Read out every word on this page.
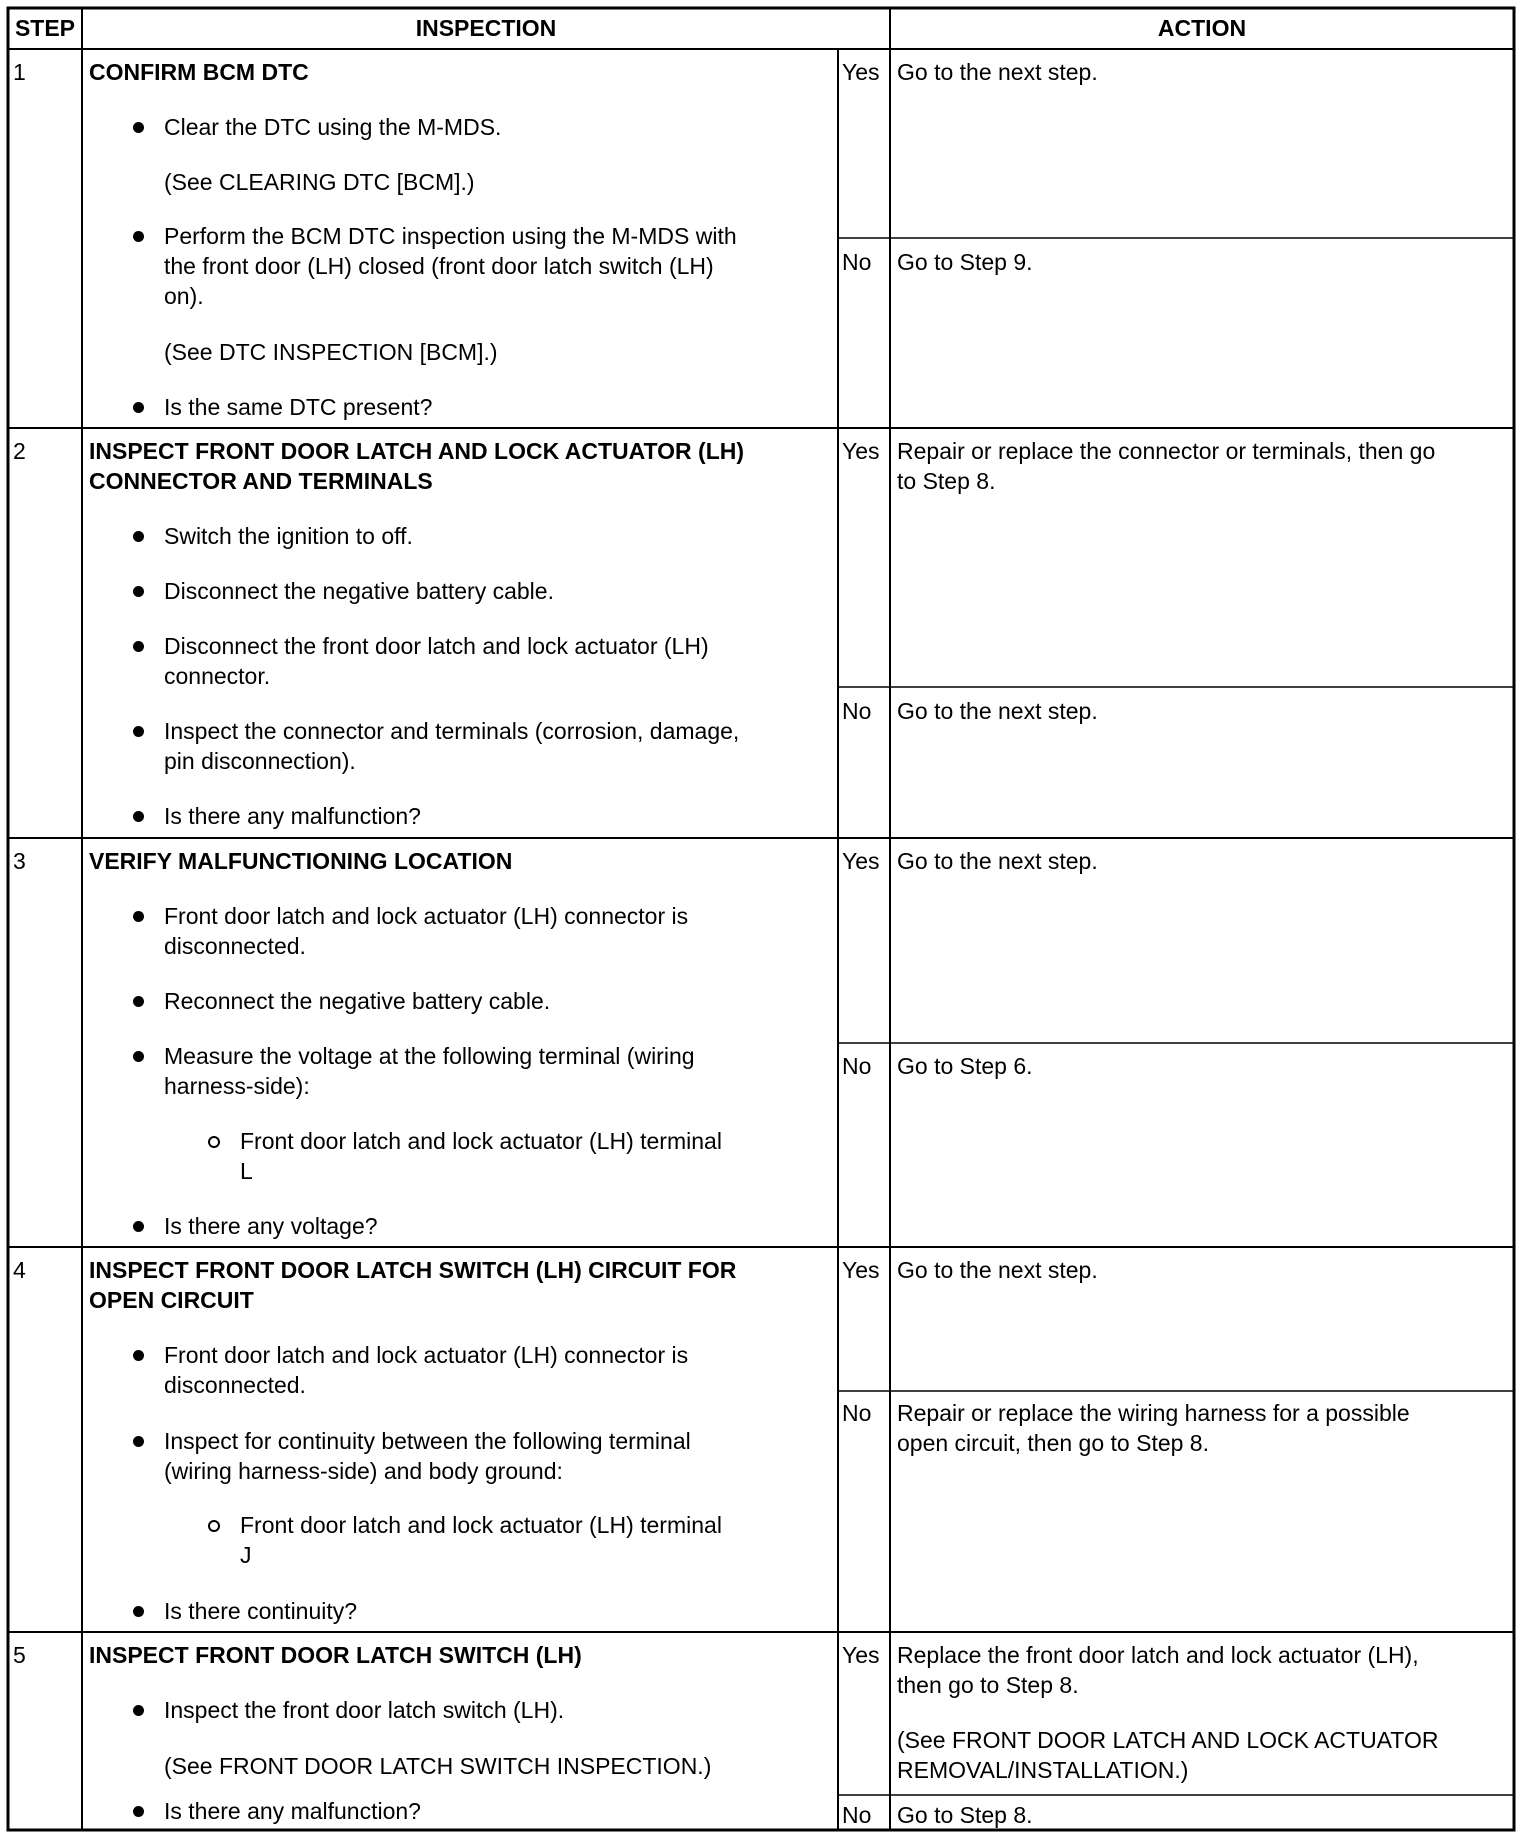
STEP	INSPECTION	ACTION
1	CONFIRM BCM DTC
Clear the DTC using the M-MDS.
(See CLEARING DTC [BCM].)
Perform the BCM DTC inspection using the M-MDS with
the front door (LH) closed (front door latch switch (LH)
on).
(See DTC INSPECTION [BCM].)
Is the same DTC present?
Yes Go to the next step.
No Go to Step 9.
2	INSPECT FRONT DOOR LATCH AND LOCK ACTUATOR (LH)
CONNECTOR AND TERMINALS
Switch the ignition to off.
Disconnect the negative battery cable.
Disconnect the front door latch and lock actuator (LH)
connector.
Inspect the connector and terminals (corrosion, damage,
pin disconnection).
Is there any malfunction?
Yes Repair or replace the connector or terminals, then go
to Step 8.
No Go to the next step.
3	VERIFY MALFUNCTIONING LOCATION
Front door latch and lock actuator (LH) connector is
disconnected.
Reconnect the negative battery cable.
Measure the voltage at the following terminal (wiring
harness-side):
Front door latch and lock actuator (LH) terminal
L
Is there any voltage?
Yes Go to the next step.
No Go to Step 6.
4	INSPECT FRONT DOOR LATCH SWITCH (LH) CIRCUIT FOR
OPEN CIRCUIT
Front door latch and lock actuator (LH) connector is
disconnected.
Inspect for continuity between the following terminal
(wiring harness-side) and body ground:
Front door latch and lock actuator (LH) terminal
J
Is there continuity?
Yes Go to the next step.
No Repair or replace the wiring harness for a possible
open circuit, then go to Step 8.
5	INSPECT FRONT DOOR LATCH SWITCH (LH)
Inspect the front door latch switch (LH).
(See FRONT DOOR LATCH SWITCH INSPECTION.)
Is there any malfunction?
Yes Replace the front door latch and lock actuator (LH),
then go to Step 8.
(See FRONT DOOR LATCH AND LOCK ACTUATOR
REMOVAL/INSTALLATION.)
No Go to Step 8.
